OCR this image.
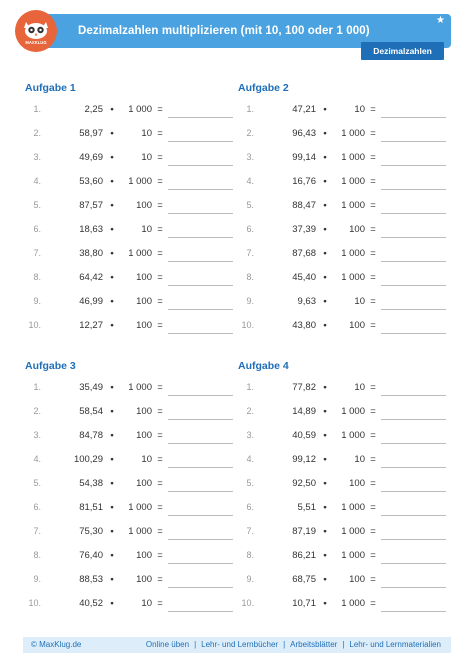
Dezimalzahlen multiplizieren (mit 10, 100 oder 1 000)
★
MAXKLUG
Dezimalzahlen
Aufgabe 1
1.	2,25 •	1 000 =
2.	58,97 •	10 =
3.	49,69 •	10 =
4.	53,60 •	1 000 =
5.	87,57 •	100 =
6.	18,63 •	10 =
7.	38,80 •	1 000 =
8.	64,42 •	100 =
9.	46,99 •	100 =
10.	12,27 •	100 =
Aufgabe 2
1.	47,21 •	10 =
2.	96,43 •	1 000 =
3.	99,14 •	1 000 =
4.	16,76 •	1 000 =
5.	88,47 •	1 000 =
6.	37,39 •	100 =
7.	87,68 •	1 000 =
8.	45,40 •	1 000 =
9.	9,63 •	10 =
10.	43,80 •	100 =
Aufgabe 3
1.	35,49 •	1 000 =
2.	58,54 •	100 =
3.	84,78 •	100 =
4.	100,29 •	10 =
5.	54,38 •	100 =
6.	81,51 •	1 000 =
7.	75,30 •	1 000 =
8.	76,40 •	100 =
9.	88,53 •	100 =
10.	40,52 •	10 =
Aufgabe 4
1.	77,82 •	10 =
2.	14,89 •	1 000 =
3.	40,59 •	1 000 =
4.	99,12 •	10 =
5.	92,50 •	100 =
6.	5,51 •	1 000 =
7.	87,19 •	1 000 =
8.	86,21 •	1 000 =
9.	68,75 •	100 =
10.	10,71 •	1 000 =
© MaxKlug.de	Online üben | Lehr- und Lernbücher | Arbeitsblätter | Lehr- und Lernmaterialien
